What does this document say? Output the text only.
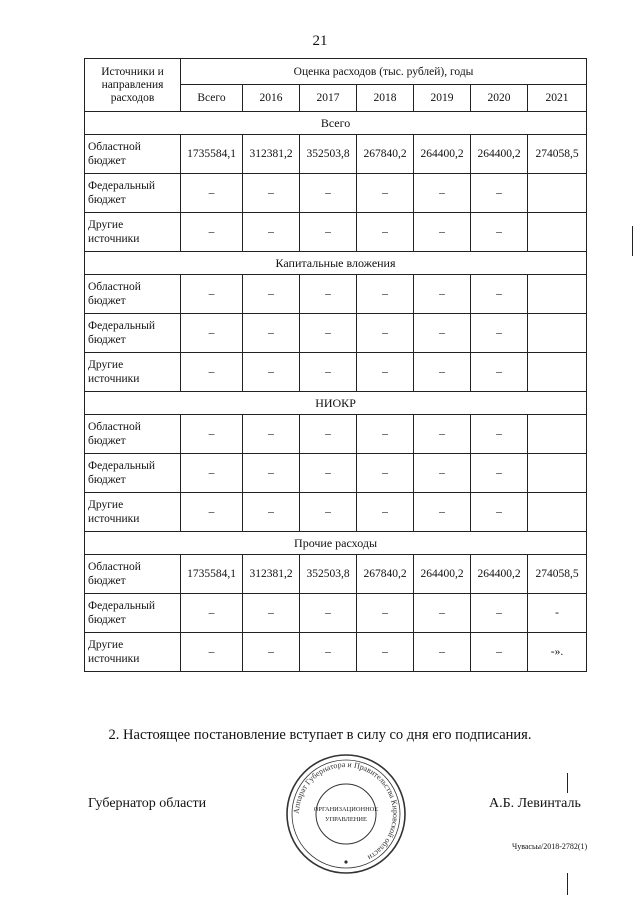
21
Источники и направления расходов	Оценка расходов (тыс. рублей), годы						
	Всего	2016	2017	2018	2019	2020	2021
Всего							
Областной бюджет	1735584,1	312381,2	352503,8	267840,2	264400,2	264400,2	274058,5
Федеральный бюджет	–	–	–	–	–	–	
Другие источники	–	–	–	–	–	–	
Капитальные вложения							
Областной бюджет	–	–	–	–	–	–	
Федеральный бюджет	–	–	–	–	–	–	
Другие источники	–	–	–	–	–	–	
НИОКР							
Областной бюджет	–	–	–	–	–	–	
Федеральный бюджет	–	–	–	–	–	–	
Другие источники	–	–	–	–	–	–	
Прочие расходы							
Областной бюджет	1735584,1	312381,2	352503,8	267840,2	264400,2	264400,2	274058,5
Федеральный бюджет	–	–	–	–	–	–	-
Другие источники	–	–	–	–	–	–	-».
2. Настоящее постановление вступает в силу со дня его подписания.
Губернатор области	А.Б. Левинталь
Аппарат Губернатора и Правительства Кировской области
ОРГАНИЗАЦИОННОЕ
УПРАВЛЕНИЕ
Чувасьы/2018-2782(1)
